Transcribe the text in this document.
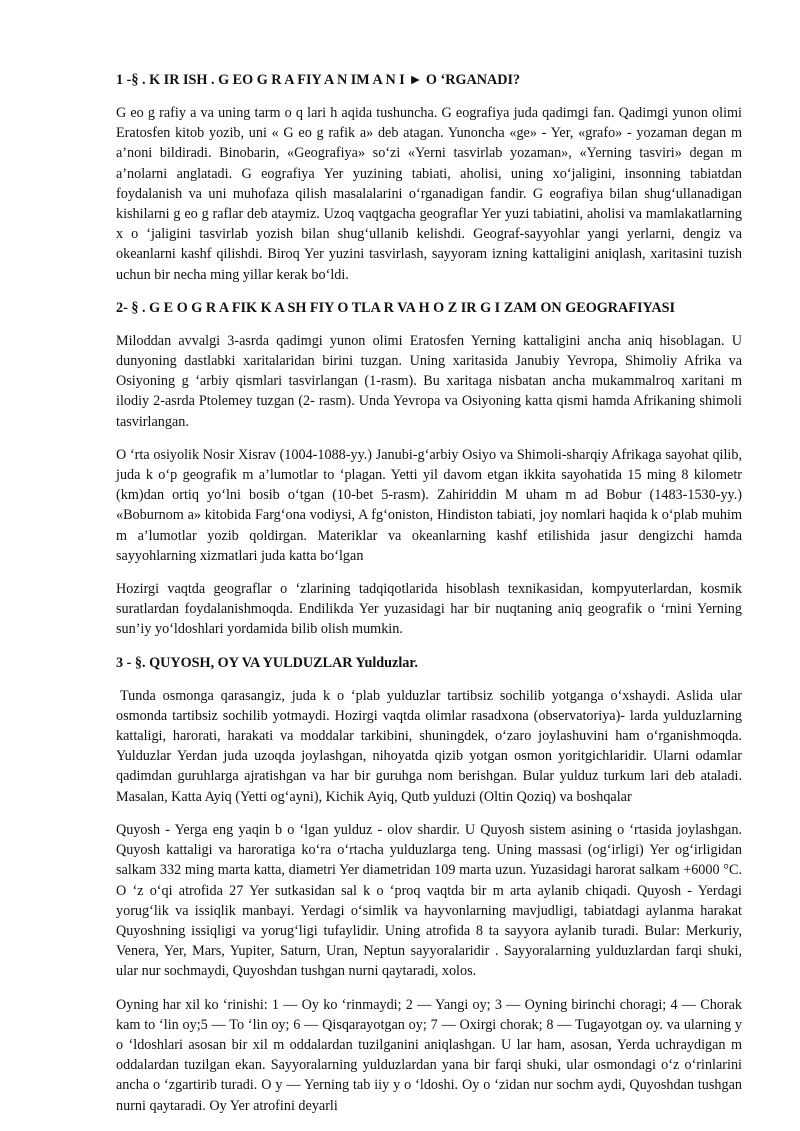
1 -§ . K IR ISH . G EO G R A FIY A N IM A N I ► O ‘RGANADI?

G eo g rafiy a va uning tarm o q lari h aqida tushuncha. G eografiya juda qadimgi fan. Qadimgi yunon olimi Eratosfen kitob yozib, uni « G eo g rafik a» deb atagan. Yunoncha «ge» - Yer, «grafo» - yozaman degan m a’noni bildiradi. Binobarin, «Geografiya» so‘zi «Yerni tasvirlab yozaman», «Yerning tasviri» degan m a’nolarni anglatadi. G eografiya Yer yuzining tabiati, aholisi, uning xo‘jaligini, insonning tabiatdan foydalanish va uni muhofaza qilish masalalarini o‘rganadigan fandir. G eografiya bilan shug‘ullanadigan kishilarni g eo g raflar deb ataymiz. Uzoq vaqtgacha geograflar Yer yuzi tabiatini, aholisi va mamlakatlarning x o ‘jaligini tasvirlab yozish bilan shug‘ullanib kelishdi. Geograf-sayyohlar yangi yerlarni, dengiz va okeanlarni kashf qilishdi. Biroq Yer yuzini tasvirlash, sayyoram izning kattaligini aniqlash, xaritasini tuzish uchun bir necha ming yillar kerak bo‘ldi.

2- § . G E O G R A FIK K A SH FIY O TLA R VA H O Z IR G I ZAM ON GEOGRAFIYASI

Miloddan avvalgi 3-asrda qadimgi yunon olimi Eratosfen Yerning kattaligini ancha aniq hisoblagan. U dunyoning dastlabki xaritalaridan birini tuzgan. Uning xaritasida Janubiy Yevropa, Shimoliy Afrika va Osiyoning g ‘arbiy qismlari tasvirlangan (1-rasm). Bu xaritaga nisbatan ancha mukammalroq xaritani m ilodiy 2-asrda Ptolemey tuzgan (2- rasm). Unda Yevropa va Osiyoning katta qismi hamda Afrikaning shimoli tasvirlangan.

O ‘rta osiyolik Nosir Xisrav (1004-1088-yy.) Janubi-g‘arbiy Osiyo va Shimoli-sharqiy Afrikaga sayohat qilib, juda k o‘p geografik m a’lumotlar to ‘plagan. Yetti yil davom etgan ikkita sayohatida 15 ming 8 kilometr (km)dan ortiq yo‘lni bosib o‘tgan (10-bet 5-rasm). Zahiriddin M uham m ad Bobur (1483-1530-yy.) «Boburnom a» kitobida Farg‘ona vodiysi, A fg‘oniston, Hindiston tabiati, joy nomlari haqida k o‘plab muhim m a’lumotlar yozib qoldirgan. Materiklar va okeanlarning kashf etilishida jasur dengizchi hamda sayyohlarning xizmatlari juda katta bo‘lgan

Hozirgi vaqtda geograflar o ‘zlarining tadqiqotlarida hisoblash texnikasidan, kompyuterlardan, kosmik suratlardan foydalanishmoqda. Endilikda Yer yuzasidagi har bir nuqtaning aniq geografik o ‘rnini Yerning sun’iy yo‘ldoshlari yordamida bilib olish mumkin.

3 - §. QUYOSH, OY VA YULDUZLAR Yulduzlar.

Tunda osmonga qarasangiz, juda k o ‘plab yulduzlar tartibsiz sochilib yotganga o‘xshaydi. Aslida ular osmonda tartibsiz sochilib yotmaydi. Hozirgi vaqtda olimlar rasadxona (observatoriya)- larda yulduzlarning kattaligi, harorati, harakati va moddalar tarkibini, shuningdek, o‘zaro joylashuvini ham o‘rganishmoqda. Yulduzlar Yerdan juda uzoqda joylashgan, nihoyatda qizib yotgan osmon yoritgichlaridir. Ularni odamlar qadimdan guruhlarga ajratishgan va har bir guruhga nom berishgan. Bular yulduz turkum lari deb ataladi. Masalan, Katta Ayiq (Yetti og‘ayni), Kichik Ayiq, Qutb yulduzi (Oltin Qoziq) va boshqalar

Quyosh - Yerga eng yaqin b o ‘lgan yulduz - olov shardir. U Quyosh sistem asining o ‘rtasida joylashgan. Quyosh kattaligi va haroratiga ko‘ra o‘rtacha yulduzlarga teng. Uning massasi (og‘irligi) Yer og‘irligidan salkam 332 ming marta katta, diametri Yer diametridan 109 marta uzun. Yuzasidagi harorat salkam +6000 °C. O ‘z o‘qi atrofida 27 Yer sutkasidan sal k o ‘proq vaqtda bir m arta aylanib chiqadi. Quyosh - Yerdagi yorug‘lik va issiqlik manbayi. Yerdagi o‘simlik va hayvonlarning mavjudligi, tabiatdagi aylanma harakat Quyoshning issiqligi va yorug‘ligi tufaylidir. Uning atrofida 8 ta sayyora aylanib turadi. Bular: Merkuriy, Venera, Yer, Mars, Yupiter, Saturn, Uran, Neptun sayyoralaridir . Sayyoralarning yulduzlardan farqi shuki, ular nur sochmaydi, Quyoshdan tushgan nurni qaytaradi, xolos.

Oyning har xil ko ‘rinishi: 1 — Oy ko ‘rinmaydi; 2 — Yangi oy; 3 — Oyning birinchi choragi; 4 — Chorak kam to ‘lin oy;5 — To ‘lin oy; 6 — Qisqarayotgan oy; 7 — Oxirgi chorak; 8 — Tugayotgan oy. va ularning y o ‘ldoshlari asosan bir xil m oddalardan tuzilganini aniqlashgan. U lar ham, asosan, Yerda uchraydigan m oddalardan tuzilgan ekan. Sayyoralarning yulduzlardan yana bir farqi shuki, ular osmondagi o‘z o‘rinlarini ancha o ‘zgartirib turadi. O y — Yerning tab iiy y o ‘ldoshi. Oy o ‘zidan nur sochm aydi, Quyoshdan tushgan nurni qaytaradi. Oy Yer atrofini deyarli
